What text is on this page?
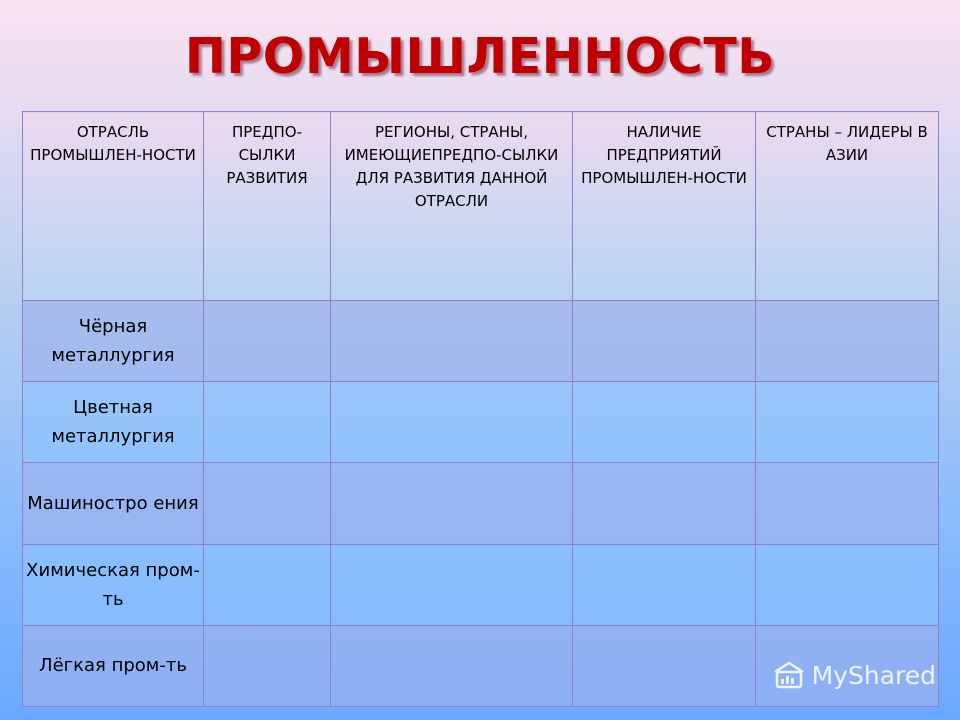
ПРОМЫШЛЕННОСТЬ
ОТРАСЛЬ ПРОМЫШЛЕН-НОСТИ	ПРЕДПО-СЫЛКИ РАЗВИТИЯ	РЕГИОНЫ, СТРАНЫ, ИМЕЮЩИЕПРЕДПО-СЫЛКИ ДЛЯ РАЗВИТИЯ ДАННОЙ ОТРАСЛИ	НАЛИЧИЕ ПРЕДПРИЯТИЙ ПРОМЫШЛЕН-НОСТИ	СТРАНЫ – ЛИДЕРЫ В АЗИИ

Чёрная металлургия				
Цветная металлургия				
Машиностро ения				
Химическая пром-ть				
Лёгкая пром-ть					MyShared
